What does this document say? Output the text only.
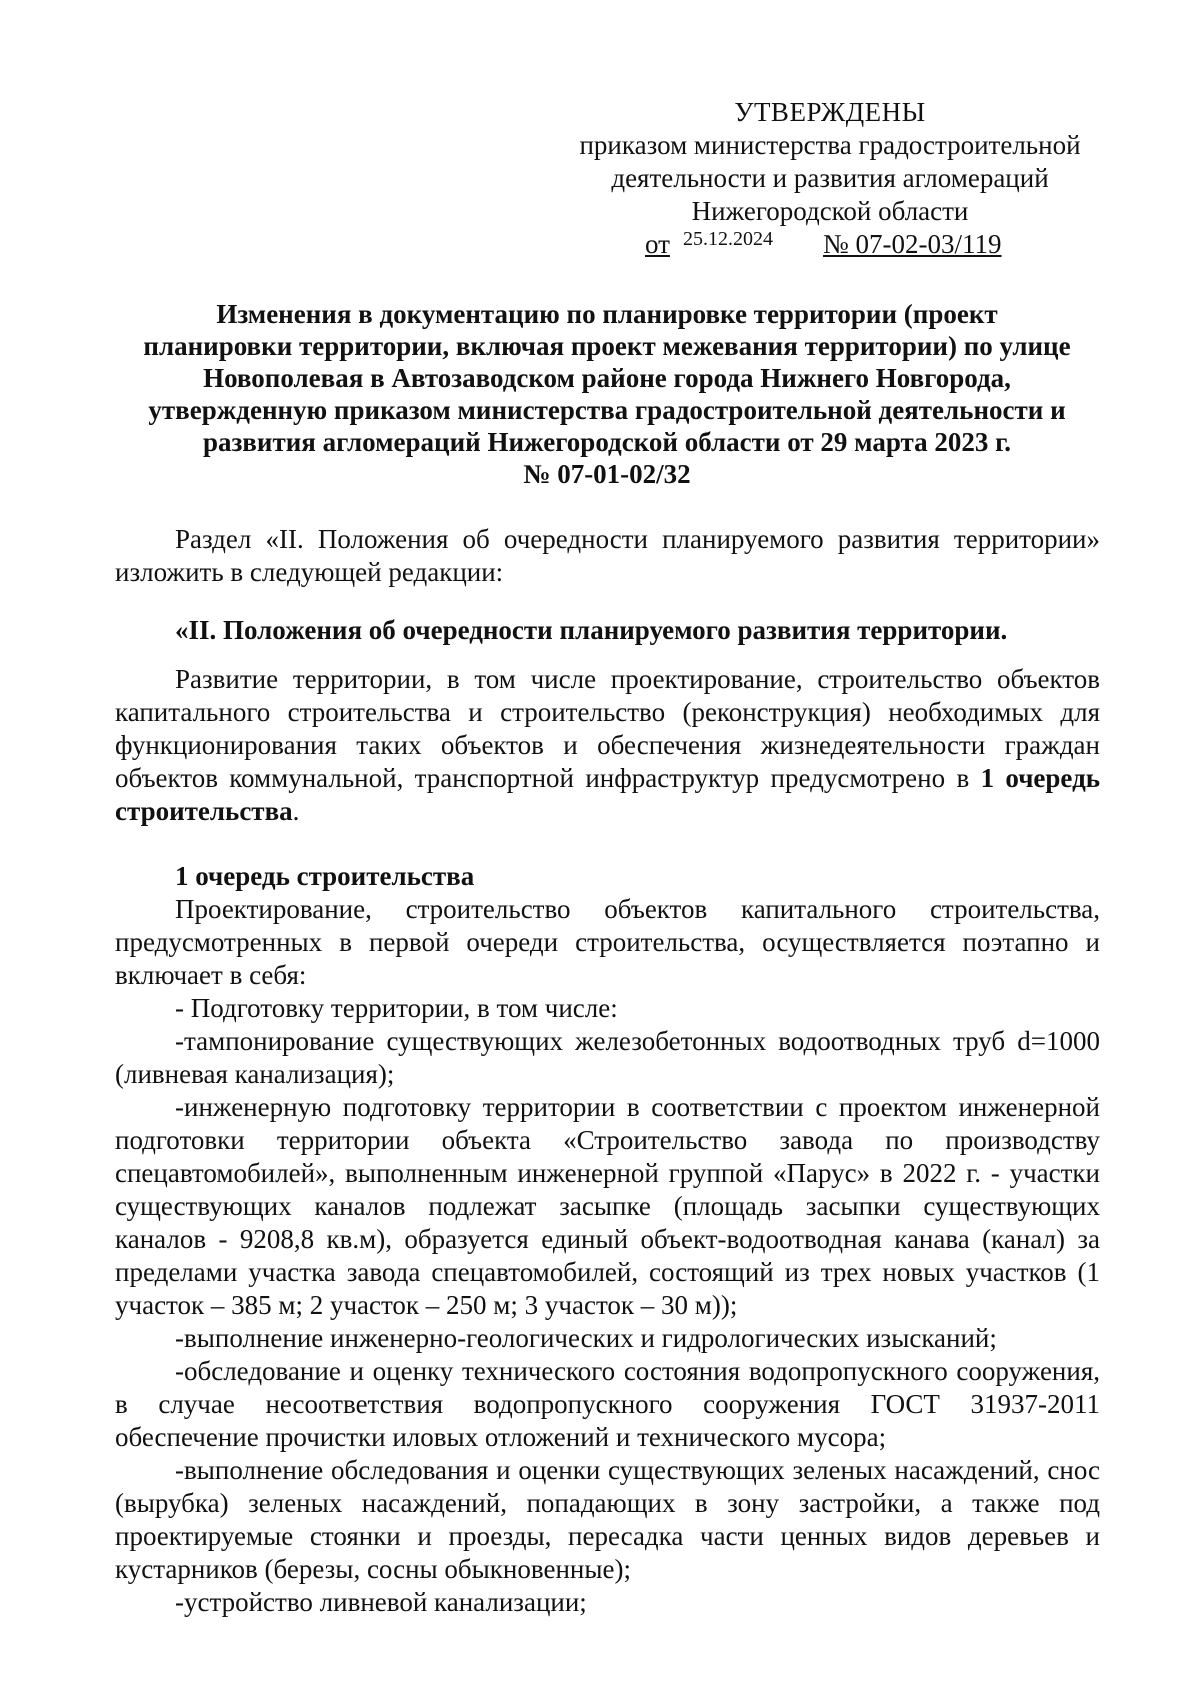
УТВЕРЖДЕНЫ
приказом министерства градостроительной
деятельности и развития агломераций
Нижегородской области
от 25.12.2024 № 07-02-03/119
Изменения в документацию по планировке территории (проект
планировки территории, включая проект межевания территории) по улице
Новополевая в Автозаводском районе города Нижнего Новгорода,
утвержденную приказом министерства градостроительной деятельности и
развития агломераций Нижегородской области от 29 марта 2023 г.
№ 07-01-02/32

Раздел «II. Положения об очередности планируемого развития территории» изложить в следующей редакции:

«II. Положения об очередности планируемого развития территории.

Развитие территории, в том числе проектирование, строительство объектов капитального строительства и строительство (реконструкция) необходимых для функционирования таких объектов и обеспечения жизнедеятельности граждан объектов коммунальной, транспортной инфраструктур предусмотрено в 1 очередь строительства.

1 очередь строительства

Проектирование, строительство объектов капитального строительства, предусмотренных в первой очереди строительства, осуществляется поэтапно и включает в себя:

- Подготовку территории, в том числе:

-тампонирование существующих железобетонных водоотводных труб d=1000 (ливневая канализация);

-инженерную подготовку территории в соответствии с проектом инженерной подготовки территории объекта «Строительство завода по производству спецавтомобилей», выполненным инженерной группой «Парус» в 2022 г. - участки существующих каналов подлежат засыпке (площадь засыпки существующих каналов - 9208,8 кв.м), образуется единый объект-водоотводная канава (канал) за пределами участка завода спецавтомобилей, состоящий из трех новых участков (1 участок – 385 м; 2 участок – 250 м; 3 участок – 30 м));

-выполнение инженерно-геологических и гидрологических изысканий;

-обследование и оценку технического состояния водопропускного сооружения, в случае несоответствия водопропускного сооружения ГОСТ 31937-2011 обеспечение прочистки иловых отложений и технического мусора;

-выполнение обследования и оценки существующих зеленых насаждений, снос (вырубка) зеленых насаждений, попадающих в зону застройки, а также под проектируемые стоянки и проезды, пересадка части ценных видов деревьев и кустарников (березы, сосны обыкновенные);

-устройство ливневой канализации;
